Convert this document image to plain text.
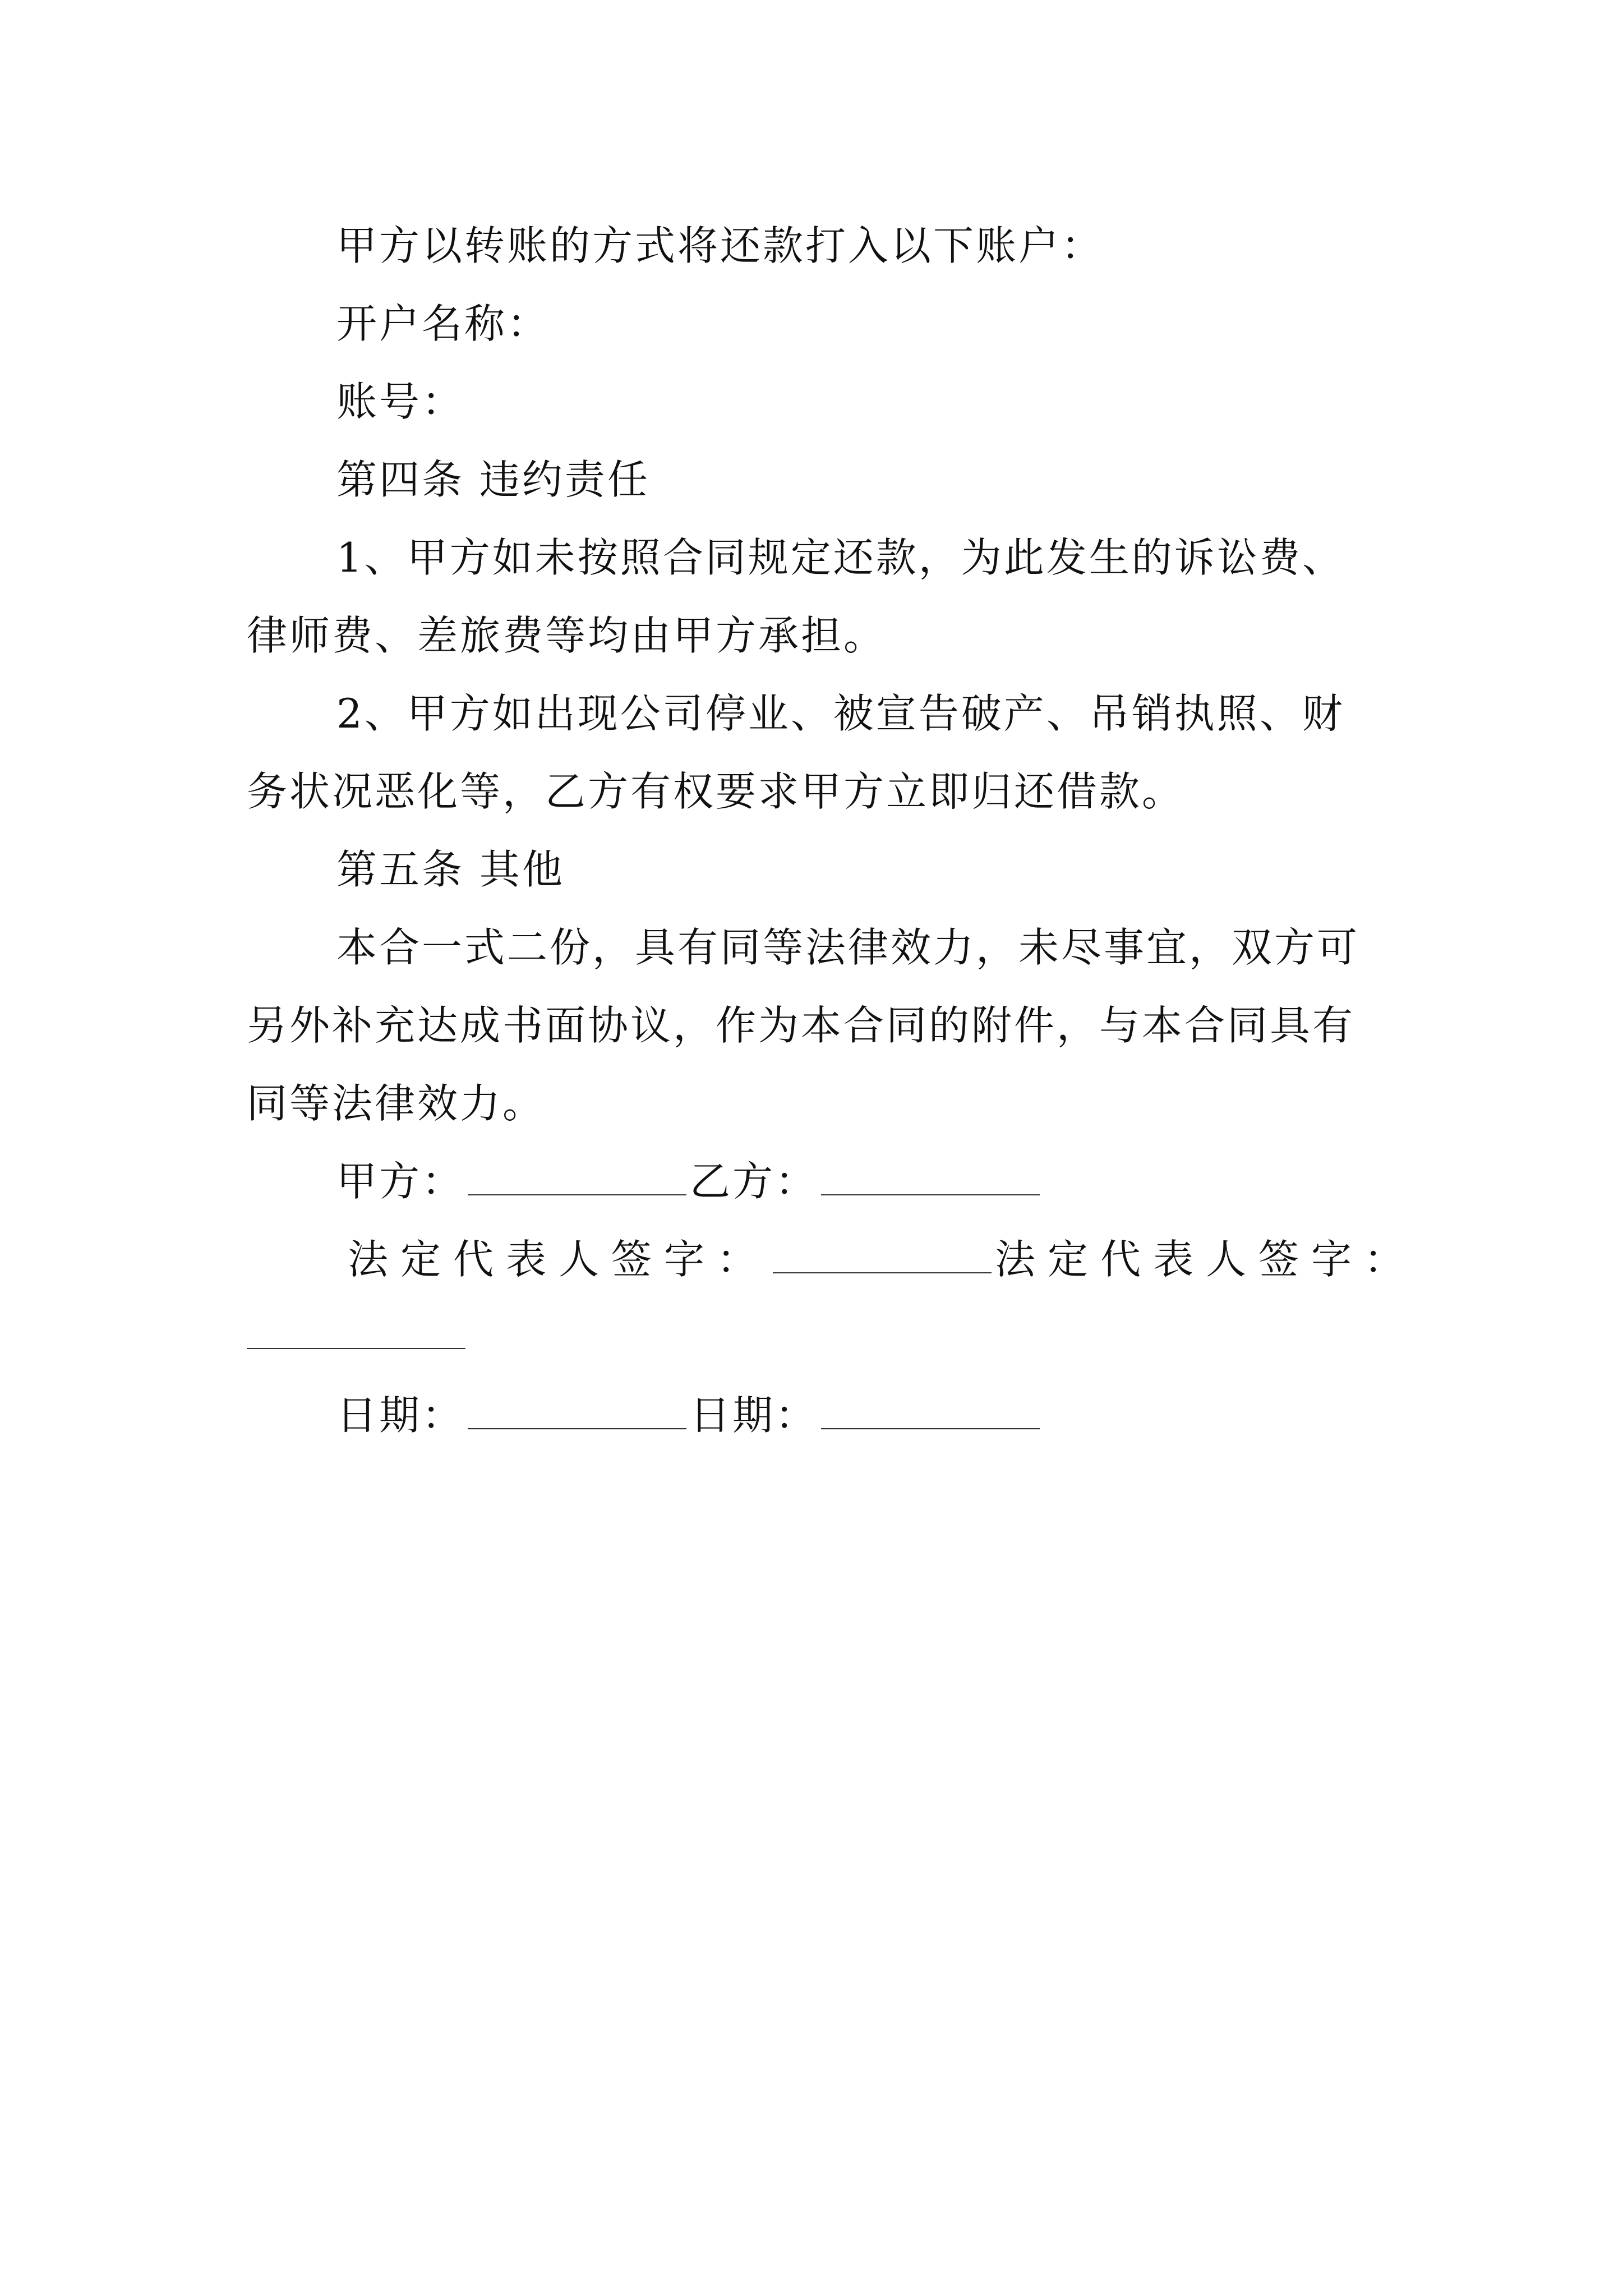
甲方以转账的方式将还款打入以下账户：
开户名称：
账号：
第四条 违约责任
1、甲方如未按照合同规定还款，为此发生的诉讼费、
律师费、差旅费等均由甲方承担。
2、甲方如出现公司停业、被宣告破产、吊销执照、财
务状况恶化等，乙方有权要求甲方立即归还借款。
第五条 其他
本合一式二份，具有同等法律效力，未尽事宜，双方可
另外补充达成书面协议，作为本合同的附件，与本合同具有
同等法律效力。
甲方：	乙方：
法定代表人签字：	法定代表人签字：
日期：	日期：
